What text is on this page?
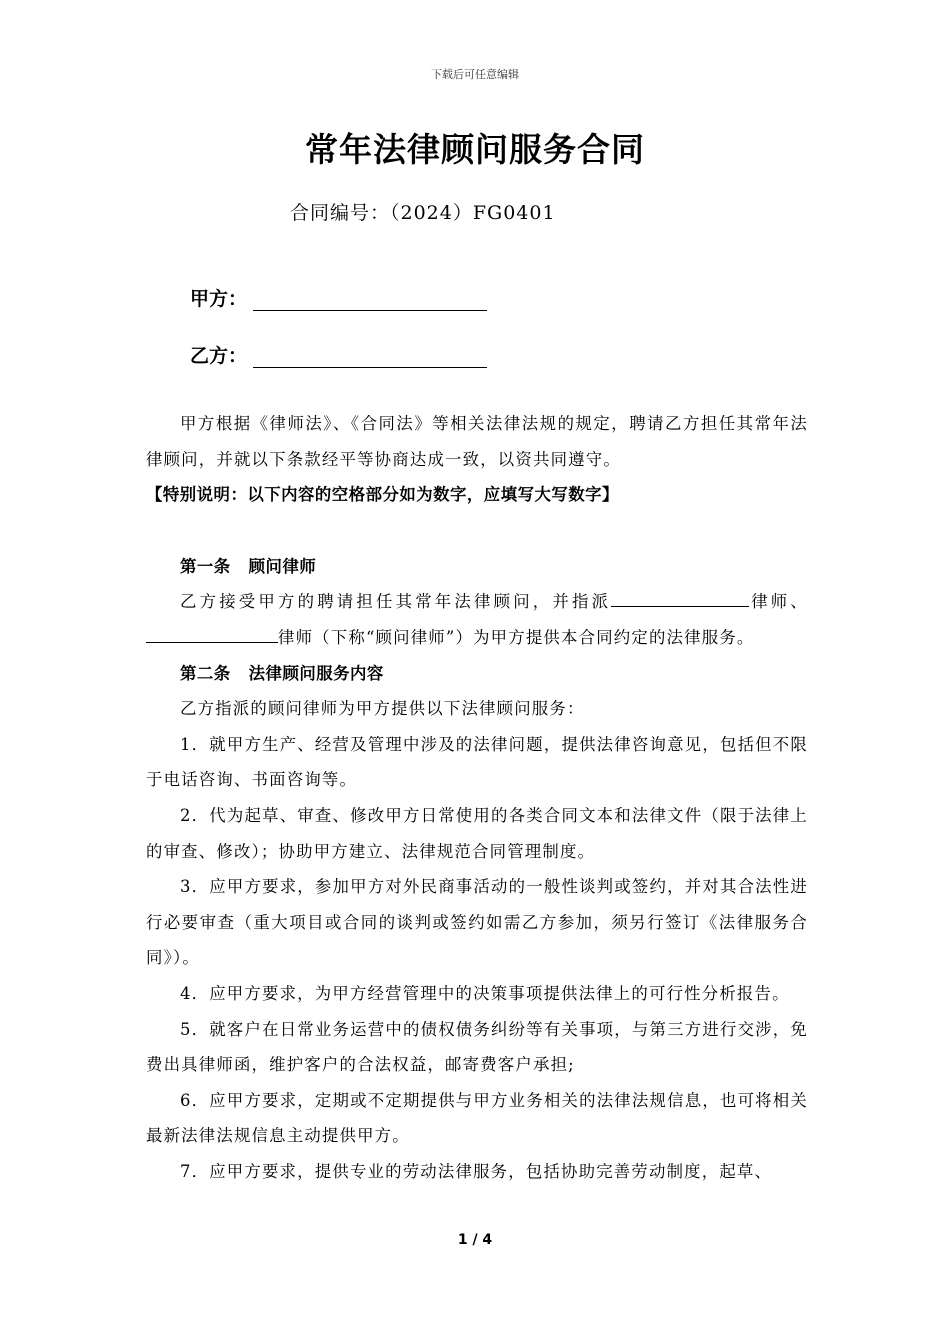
下载后可任意编辑
常年法律顾问服务合同
合同编号：（2024）FG0401
甲方：
乙方：

甲方根据《律师法》、《合同法》等相关法律法规的规定，聘请乙方担任其常年法律顾问，并就以下条款经平等协商达成一致，以资共同遵守。

【特别说明：以下内容的空格部分如为数字，应填写大写数字】

第一条 顾问律师

乙方接受甲方的聘请担任其常年法律顾问，并指派	律师、律师（下称“顾问律师”）为甲方提供本合同约定的法律服务。

第二条 法律顾问服务内容

乙方指派的顾问律师为甲方提供以下法律顾问服务：

1．就甲方生产、经营及管理中涉及的法律问题，提供法律咨询意见，包括但不限于电话咨询、书面咨询等。

2．代为起草、审查、修改甲方日常使用的各类合同文本和法律文件（限于法律上的审查、修改）；协助甲方建立、法律规范合同管理制度。

3．应甲方要求，参加甲方对外民商事活动的一般性谈判或签约，并对其合法性进行必要审查（重大项目或合同的谈判或签约如需乙方参加，须另行签订《法律服务合同》）。

4．应甲方要求，为甲方经营管理中的决策事项提供法律上的可行性分析报告。

5．就客户在日常业务运营中的债权债务纠纷等有关事项，与第三方进行交涉，免费出具律师函，维护客户的合法权益，邮寄费客户承担;

6．应甲方要求，定期或不定期提供与甲方业务相关的法律法规信息，也可将相关最新法律法规信息主动提供甲方。

7．应甲方要求，提供专业的劳动法律服务，包括协助完善劳动制度，起草、

1 / 4
